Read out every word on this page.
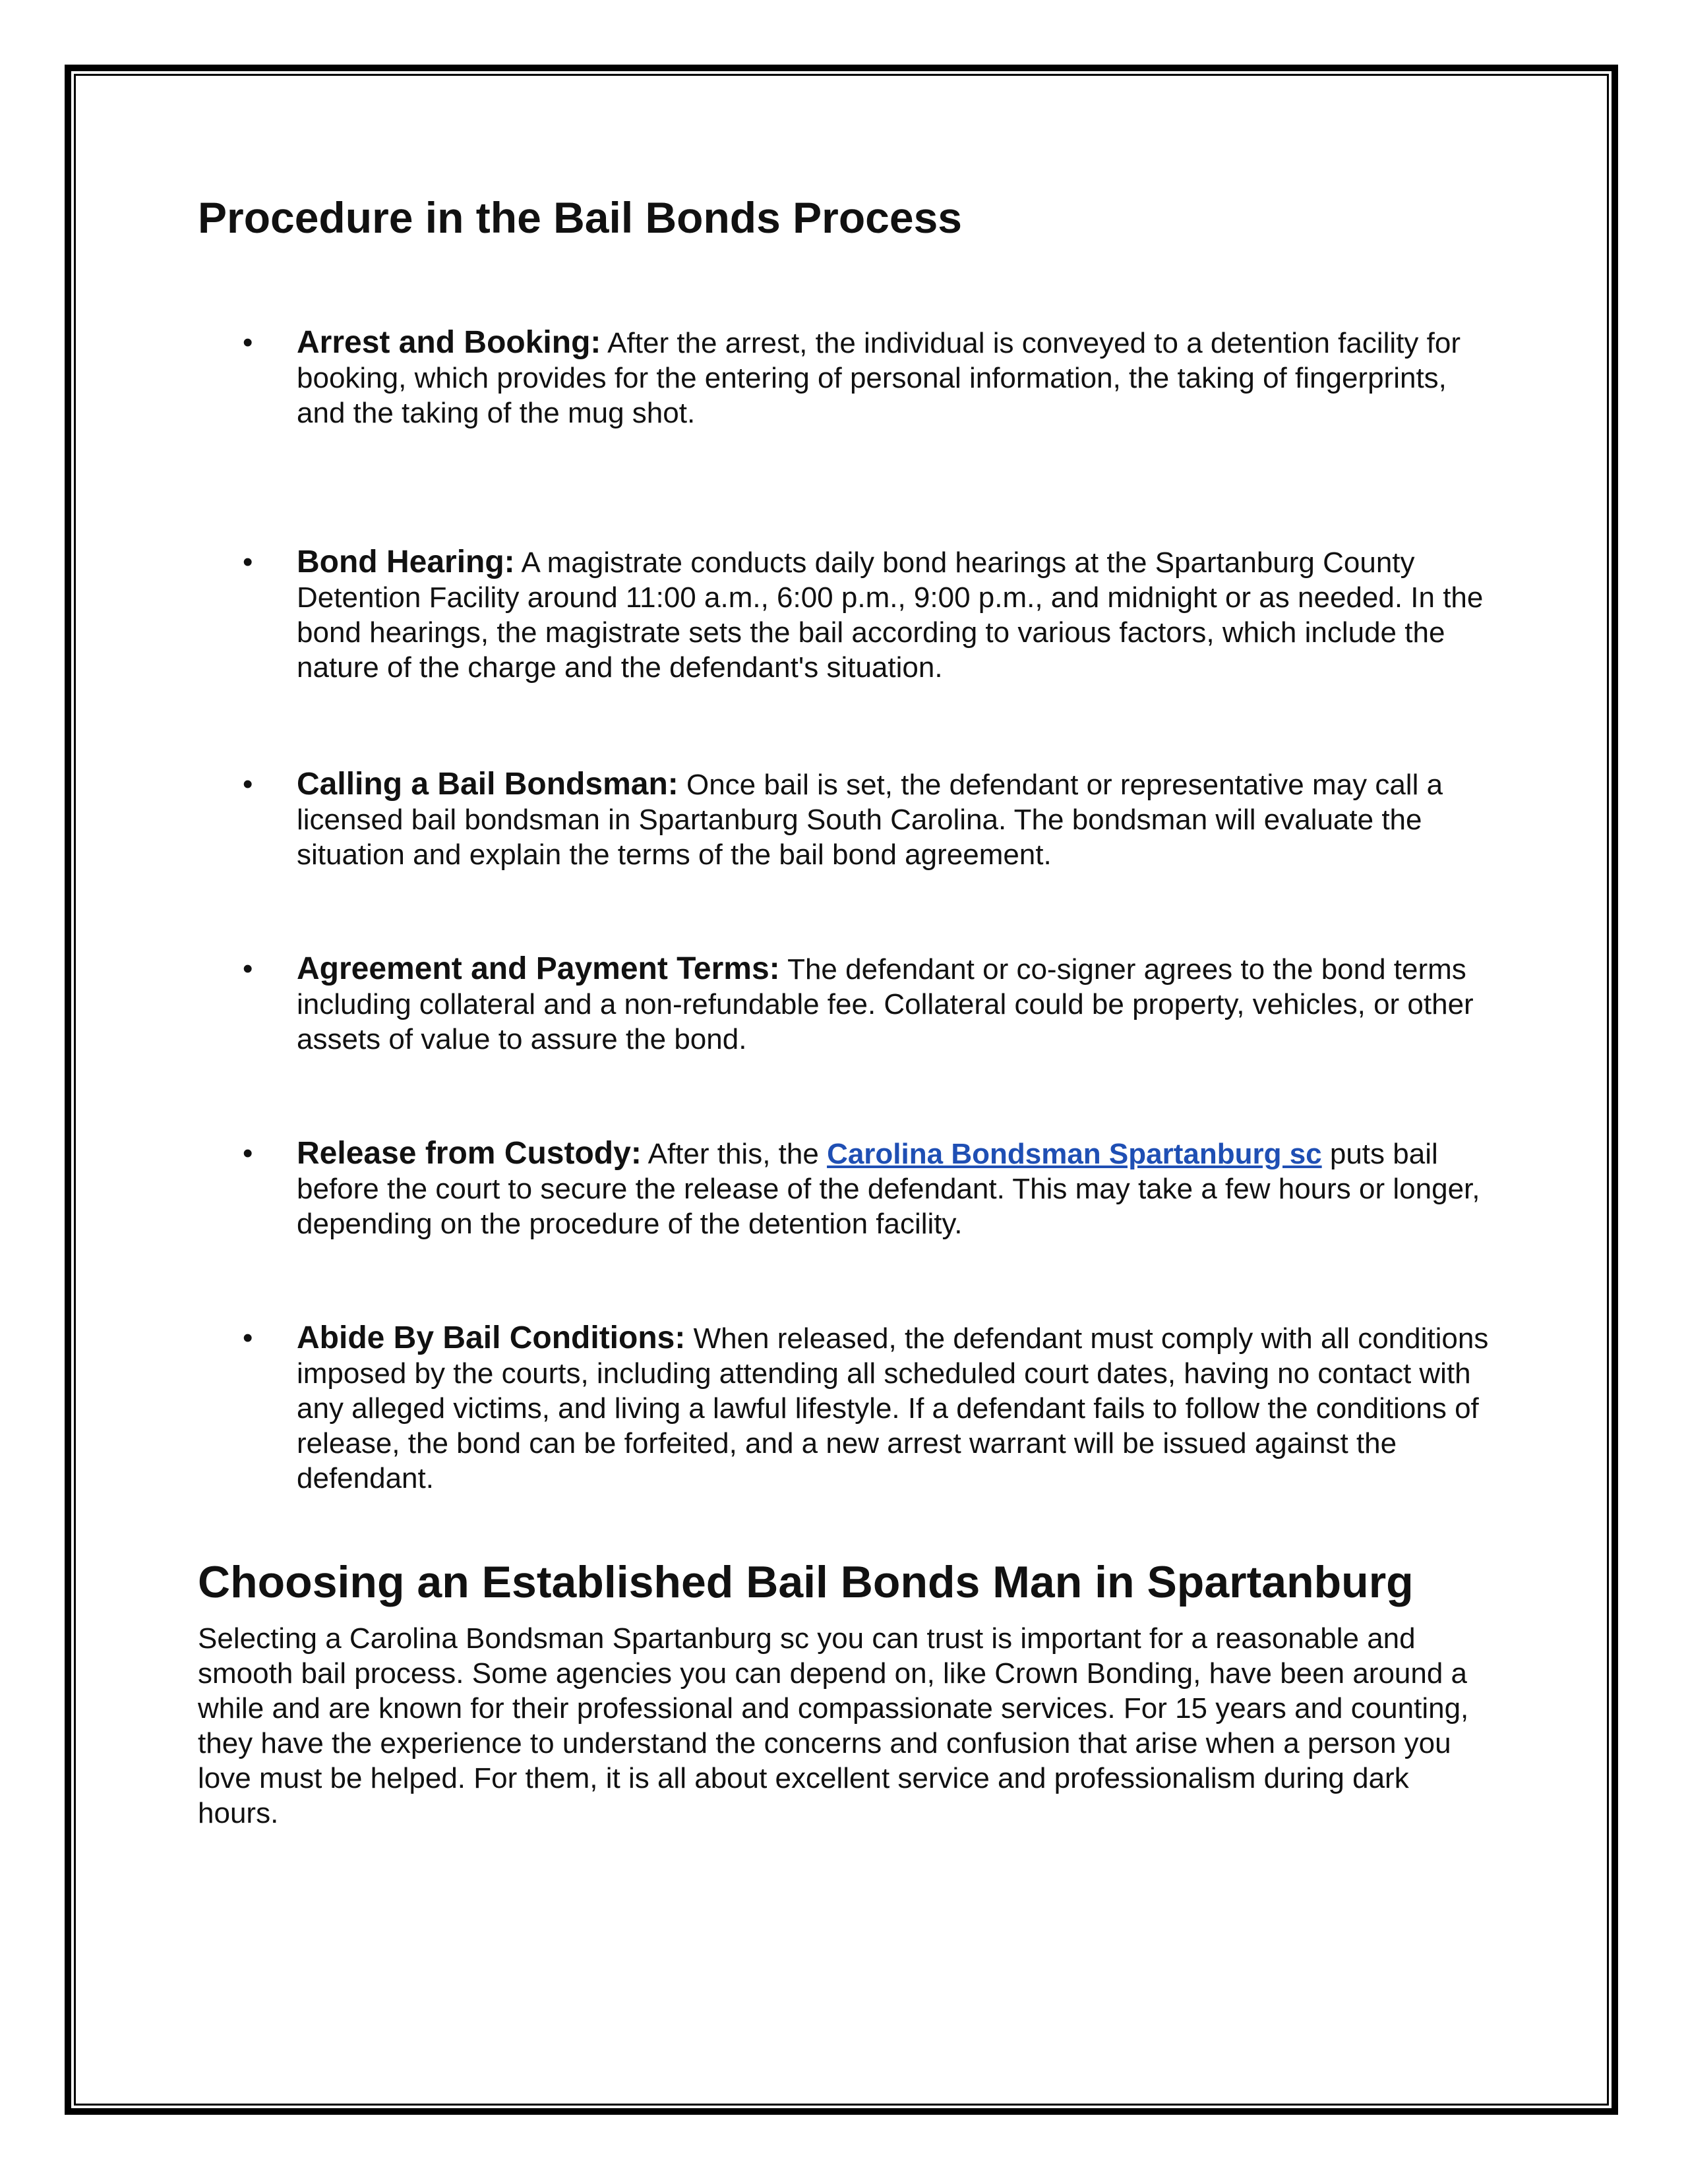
Procedure in the Bail Bonds Process
• Arrest and Booking: After the arrest, the individual is conveyed to a detention facility for booking, which provides for the entering of personal information, the taking of fingerprints, and the taking of the mug shot.
• Bond Hearing: A magistrate conducts daily bond hearings at the Spartanburg County Detention Facility around 11:00 a.m., 6:00 p.m., 9:00 p.m., and midnight or as needed. In the bond hearings, the magistrate sets the bail according to various factors, which include the nature of the charge and the defendant's situation.
• Calling a Bail Bondsman: Once bail is set, the defendant or representative may call a licensed bail bondsman in Spartanburg South Carolina. The bondsman will evaluate the situation and explain the terms of the bail bond agreement.
• Agreement and Payment Terms: The defendant or co-signer agrees to the bond terms including collateral and a non-refundable fee. Collateral could be property, vehicles, or other assets of value to assure the bond.
• Release from Custody: After this, the Carolina Bondsman Spartanburg sc puts bail before the court to secure the release of the defendant. This may take a few hours or longer, depending on the procedure of the detention facility.
• Abide By Bail Conditions: When released, the defendant must comply with all conditions imposed by the courts, including attending all scheduled court dates, having no contact with any alleged victims, and living a lawful lifestyle. If a defendant fails to follow the conditions of release, the bond can be forfeited, and a new arrest warrant will be issued against the defendant.
Choosing an Established Bail Bonds Man in Spartanburg

Selecting a Carolina Bondsman Spartanburg sc you can trust is important for a reasonable and smooth bail process. Some agencies you can depend on, like Crown Bonding, have been around a while and are known for their professional and compassionate services. For 15 years and counting, they have the experience to understand the concerns and confusion that arise when a person you love must be helped. For them, it is all about excellent service and professionalism during dark hours.
